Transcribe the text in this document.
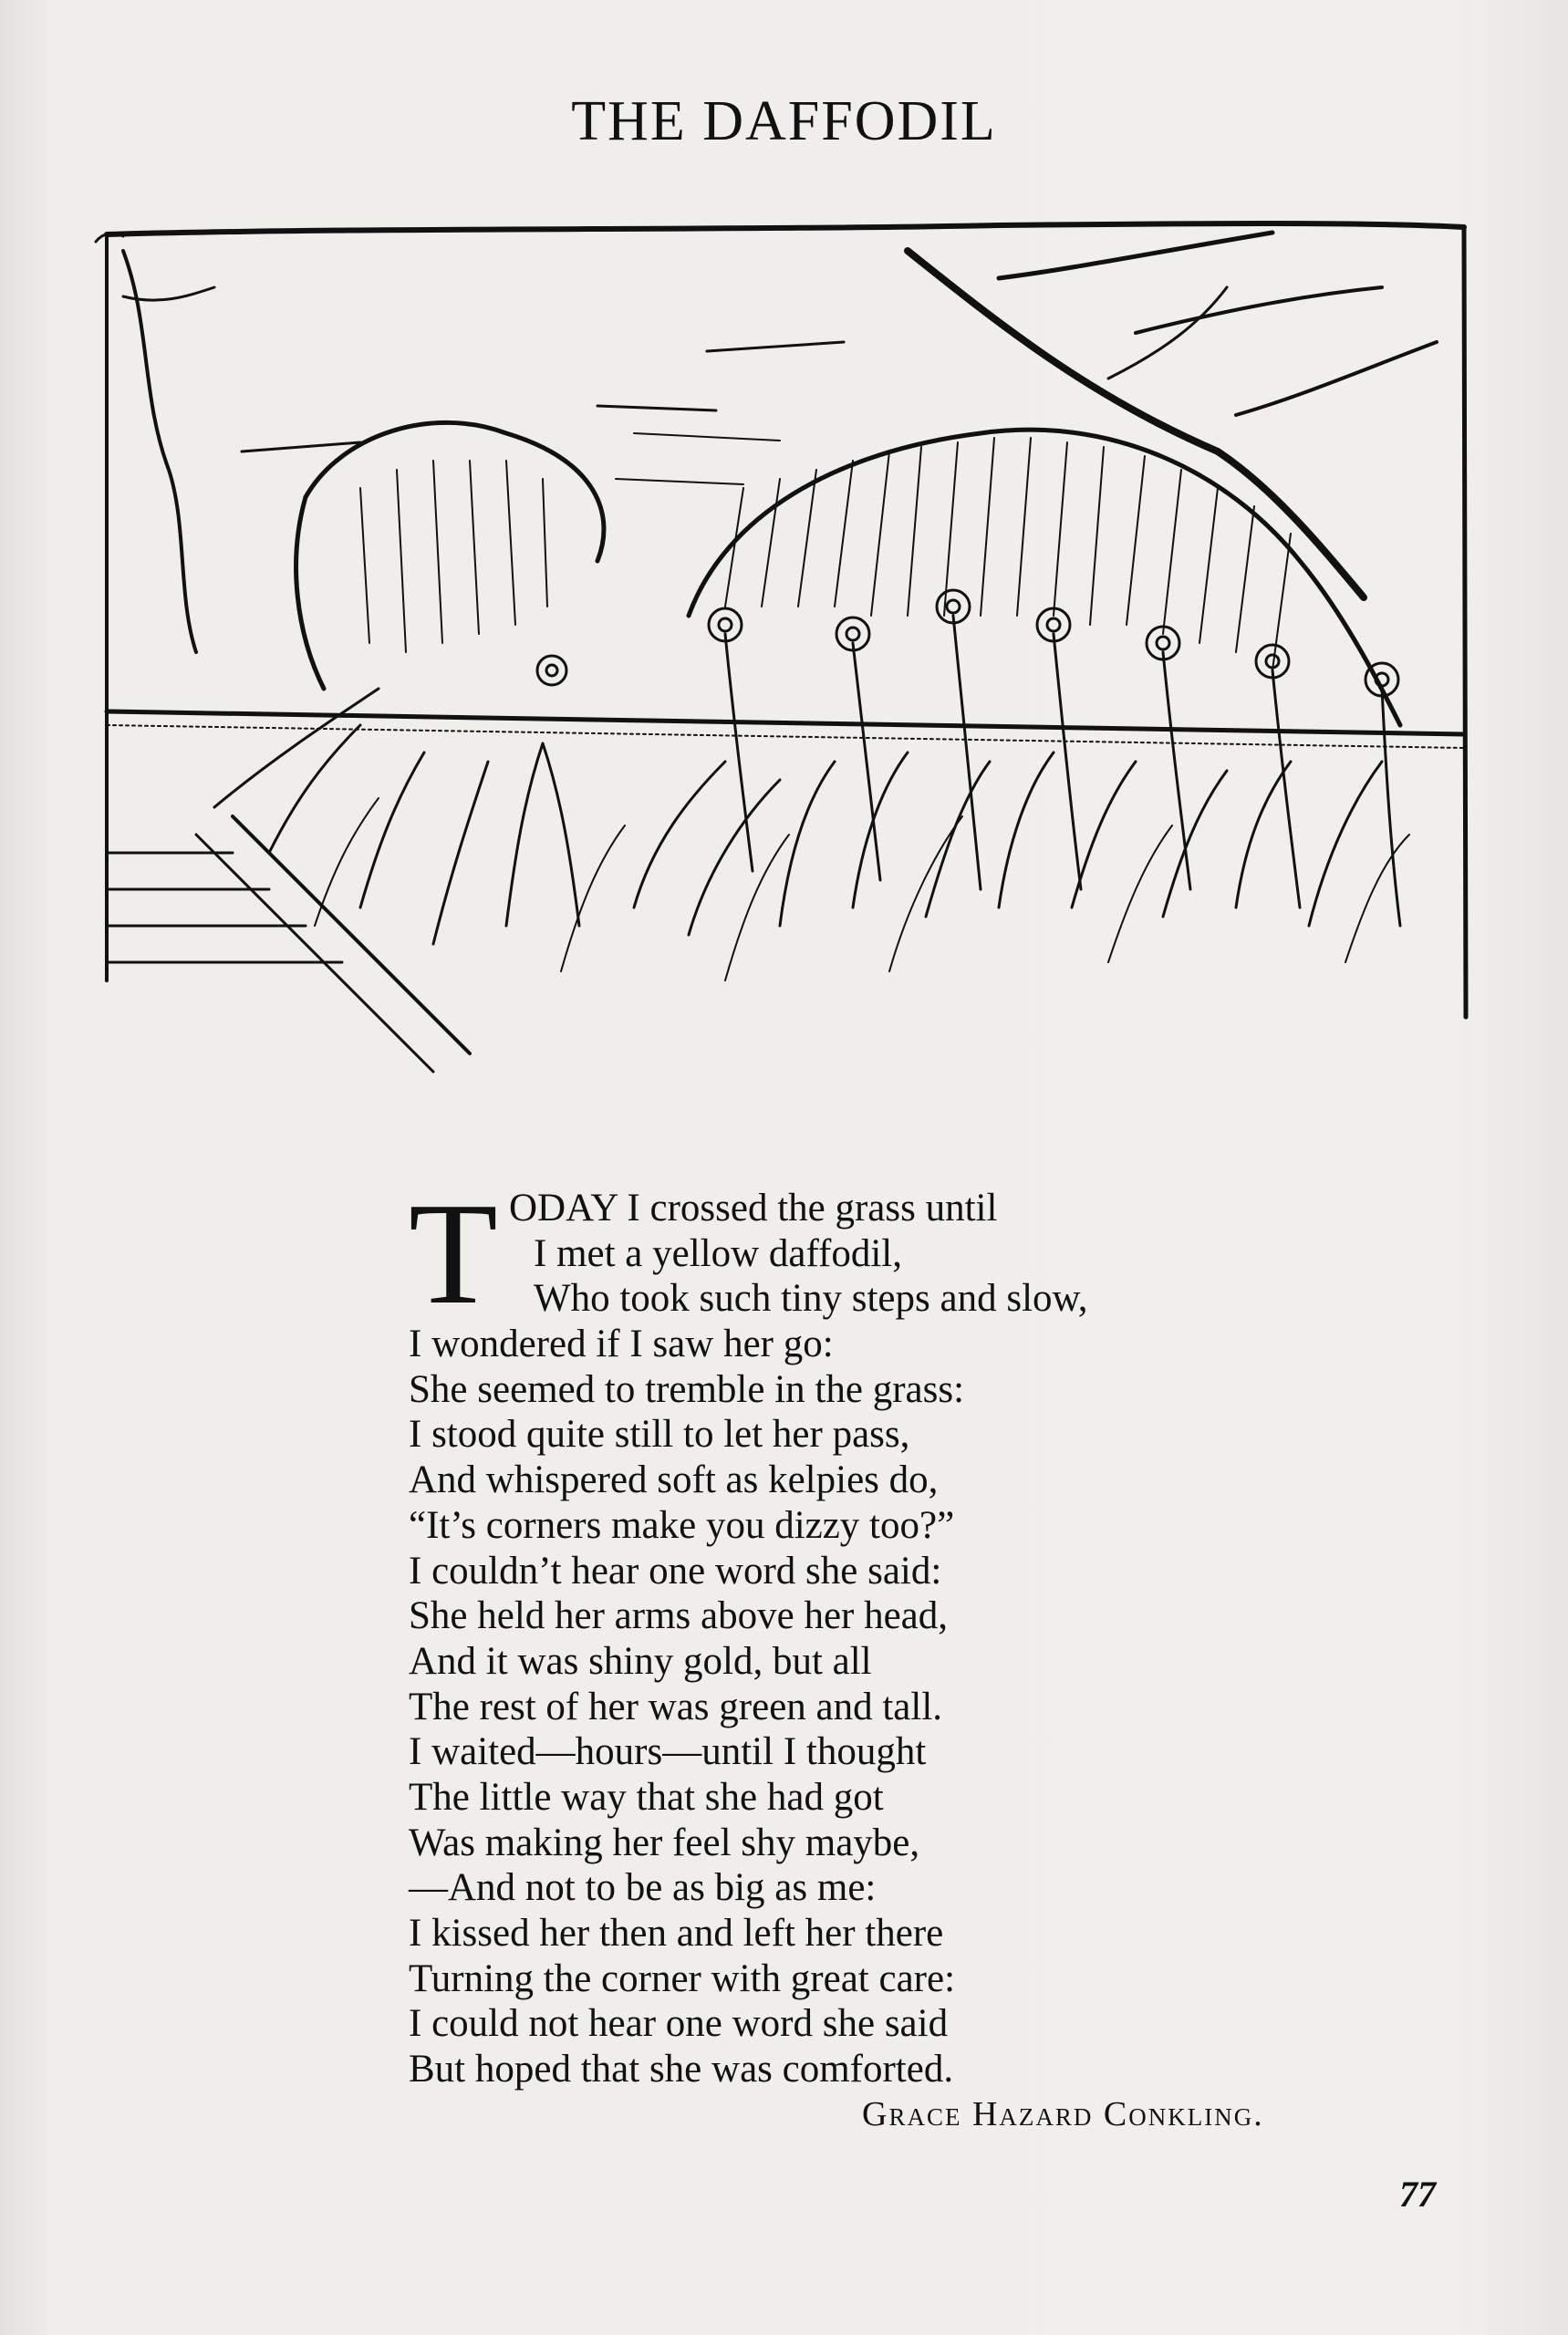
THE DAFFODIL
T ODAY I crossed the grass until
I met a yellow daffodil,
Who took such tiny steps and slow,
I wondered if I saw her go:
She seemed to tremble in the grass:
I stood quite still to let her pass,
And whispered soft as kelpies do,
“It’s corners make you dizzy too?”
I couldn’t hear one word she said:
She held her arms above her head,
And it was shiny gold, but all
The rest of her was green and tall.
I waited—hours—until I thought
The little way that she had got
Was making her feel shy maybe,
—And not to be as big as me:
I kissed her then and left her there
Turning the corner with great care:
I could not hear one word she said
But hoped that she was comforted.
Grace Hazard Conkling.
77
